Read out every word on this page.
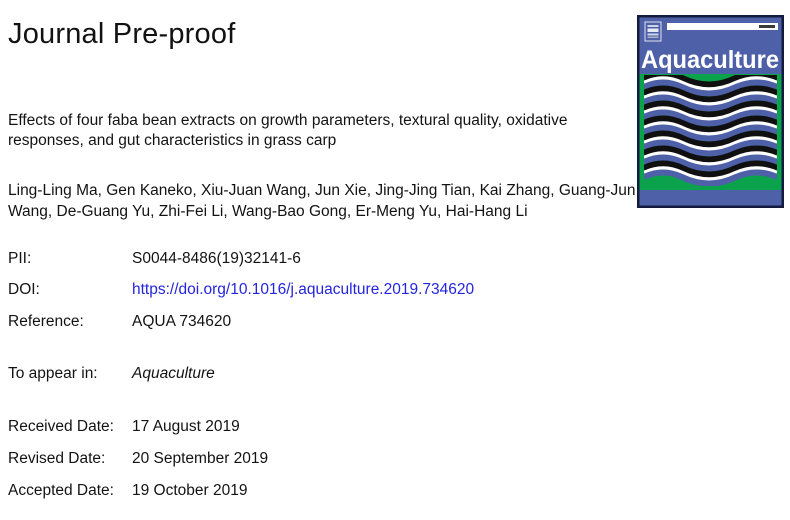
Journal Pre-proof
Effects of four faba bean extracts on growth parameters, textural quality, oxidative responses, and gut characteristics in grass carp
Ling-Ling Ma, Gen Kaneko, Xiu-Juan Wang, Jun Xie, Jing-Jing Tian, Kai Zhang, Guang-Jun Wang, De-Guang Yu, Zhi-Fei Li, Wang-Bao Gong, Er-Meng Yu, Hai-Hang Li
PII:	S0044-8486(19)32141-6
DOI:	https://doi.org/10.1016/j.aquaculture.2019.734620
Reference:	AQUA 734620
To appear in: Aquaculture
Received Date: 17 August 2019
Revised Date: 20 September 2019
Accepted Date: 19 October 2019
Aquaculture
